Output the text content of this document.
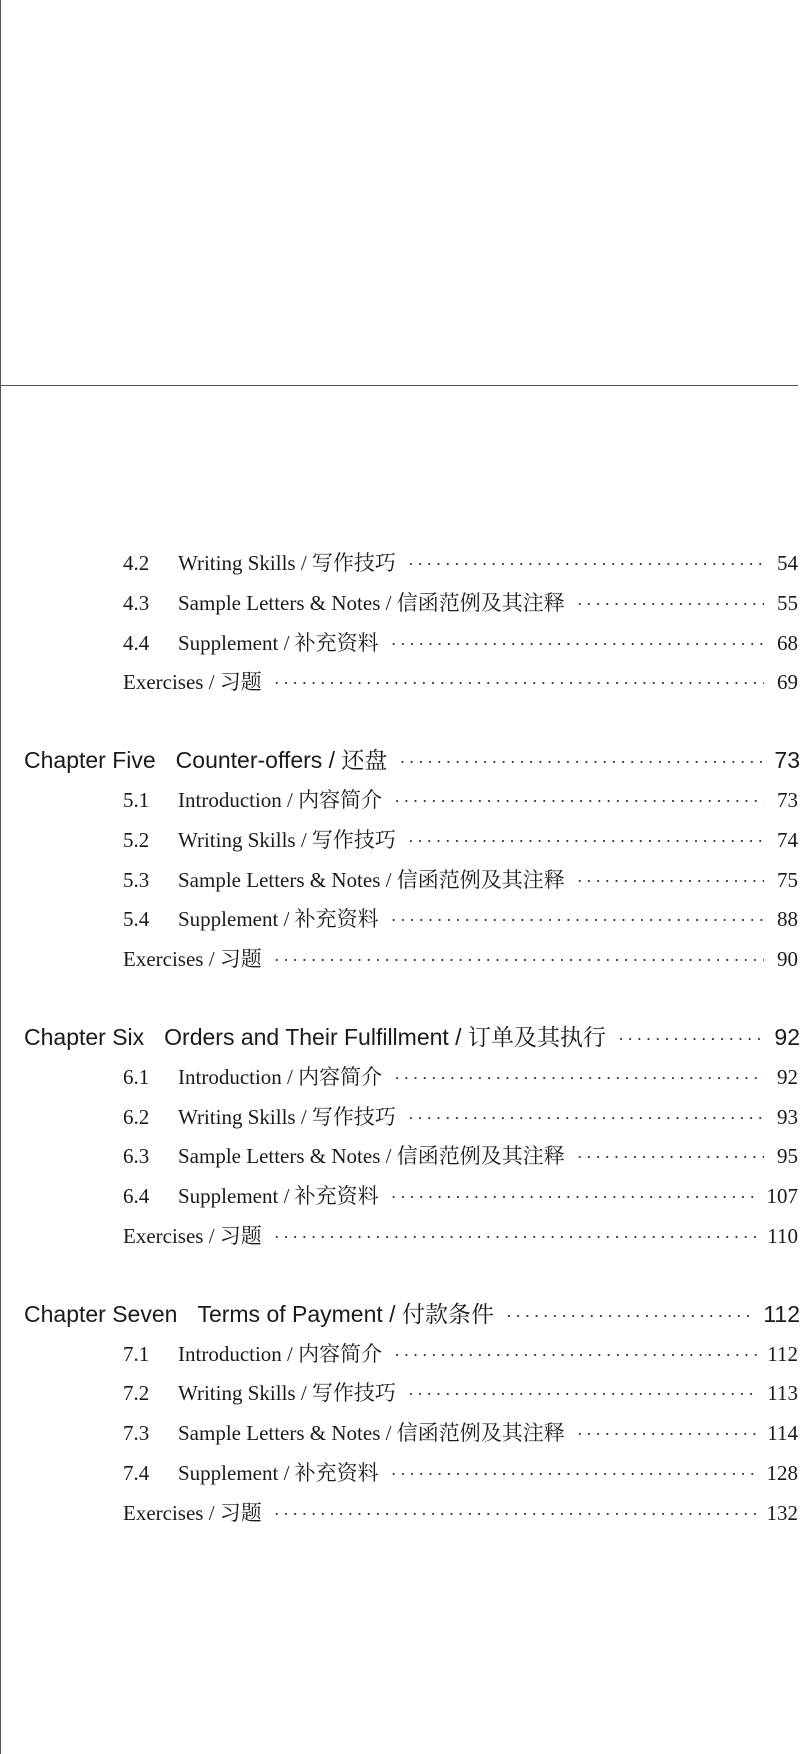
4.2	Writing Skills / 写作技巧 ·····	54
4.3	Sample Letters & Notes / 信函范例及其注释 ·····	55
4.4	Supplement / 补充资料 ·····	68
Exercises / 习题 ·····	69
Chapter Five Counter-offers / 还盘 ·····	73
5.1	Introduction / 内容简介 ·····	73
5.2	Writing Skills / 写作技巧 ·····	74
5.3	Sample Letters & Notes / 信函范例及其注释 ·····	75
5.4	Supplement / 补充资料 ·····	88
Exercises / 习题 ·····	90
Chapter Six Orders and Their Fulfillment / 订单及其执行 ·····	92
6.1	Introduction / 内容简介 ·····	92
6.2	Writing Skills / 写作技巧 ·····	93
6.3	Sample Letters & Notes / 信函范例及其注释 ·····	95
6.4	Supplement / 补充资料 ·····	107
Exercises / 习题 ·····	110
Chapter Seven Terms of Payment / 付款条件 ·····	112
7.1	Introduction / 内容简介 ·····	112
7.2	Writing Skills / 写作技巧 ·····	113
7.3	Sample Letters & Notes / 信函范例及其注释 ·····	114
7.4	Supplement / 补充资料 ·····	128
Exercises / 习题 ·····	132
